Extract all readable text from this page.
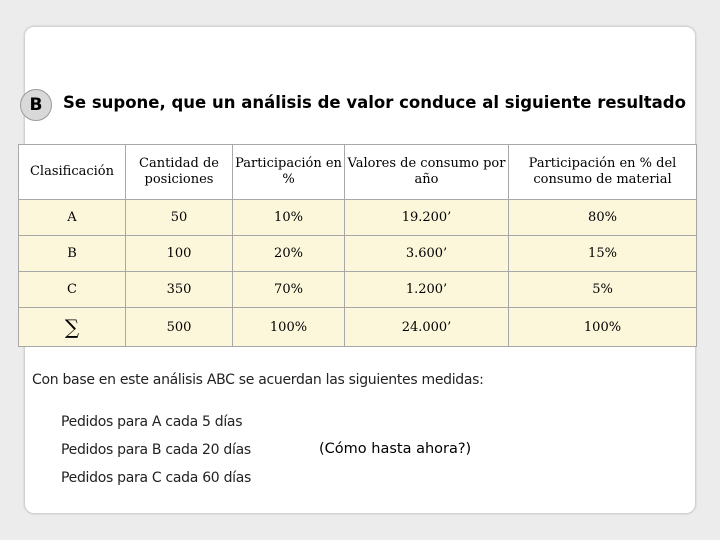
B	Se supone, que un análisis de valor conduce al siguiente resultado
Clasificación	Cantidad de posiciones	Participación en %	Valores de consumo por año	Participación en % del consumo de material
A	50	10%	19.200’	80%
B	100	20%	3.600’	15%
C	350	70%	1.200’	5%
∑	500	100%	24.000’	100%
Con base en este análisis ABC se acuerdan las siguientes medidas:
Pedidos para A cada 5 días
Pedidos para B cada 20 días
Pedidos para C cada 60 días
(Cómo hasta ahora?)
